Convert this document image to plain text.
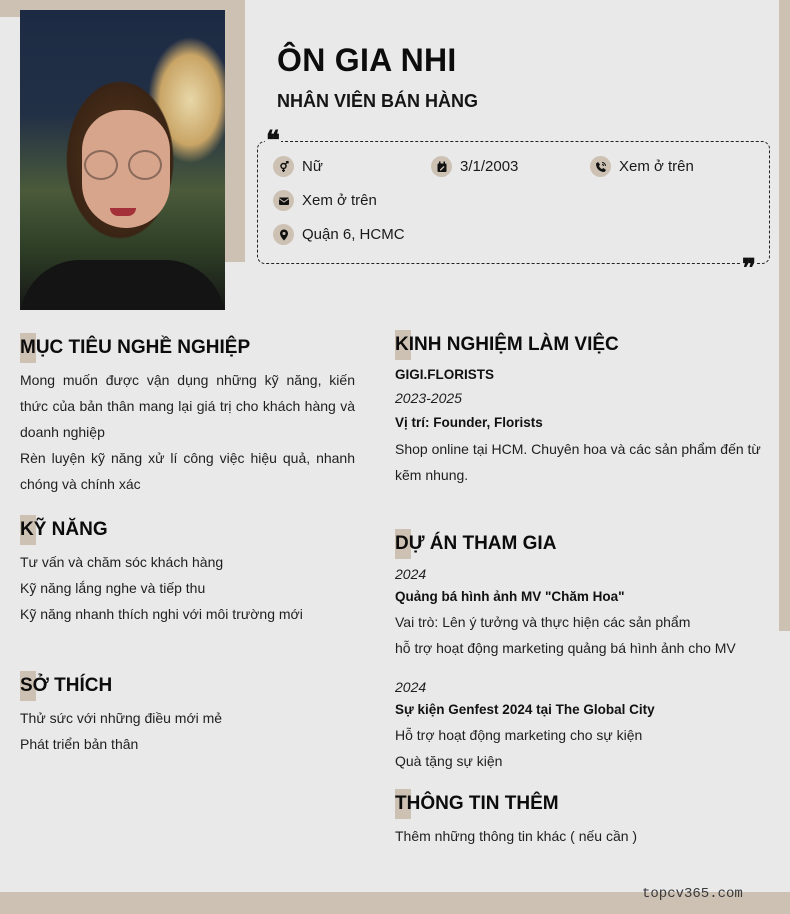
topcv365.com
ÔN GIA NHI
NHÂN VIÊN BÁN HÀNG
❝
❞
Nữ	3/1/2003	Xem ở trên
Xem ở trên
Quận 6, HCMC
MỤC TIÊU NGHỀ NGHIỆP
Mong muốn được vận dụng những kỹ năng, kiến thức của bản thân mang lại giá trị cho khách hàng và doanh nghiệp
Rèn luyện kỹ năng xử lí công việc hiệu quả, nhanh chóng và chính xác
KỸ NĂNG
Tư vấn và chăm sóc khách hàng
Kỹ năng lắng nghe và tiếp thu
Kỹ năng nhanh thích nghi với môi trường mới
SỞ THÍCH
Thử sức với những điều mới mẻ
Phát triển bản thân
KINH NGHIỆM LÀM VIỆC
GIGI.FLORISTS
2023-2025
Vị trí: Founder, Florists
Shop online tại HCM. Chuyên hoa và các sản phẩm đến từ kẽm nhung.
DỰ ÁN THAM GIA
2024
Quảng bá hình ảnh MV "Chăm Hoa"
Vai trò: Lên ý tưởng và thực hiện các sản phẩm
hỗ trợ hoạt động marketing quảng bá hình ảnh cho MV
2024
Sự kiện Genfest 2024 tại The Global City
Hỗ trợ hoạt động marketing cho sự kiện
Quà tặng sự kiện
THÔNG TIN THÊM
Thêm những thông tin khác ( nếu cần )
